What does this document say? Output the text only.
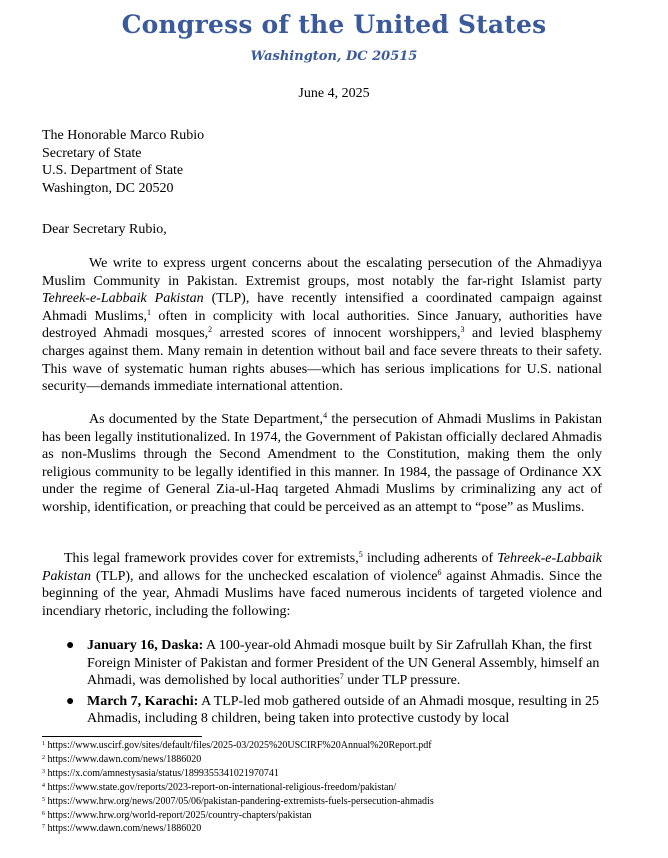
Congress of the United States
Washington, DC 20515
June 4, 2025
The Honorable Marco Rubio
Secretary of State
U.S. Department of State
Washington, DC 20520
Dear Secretary Rubio,

We write to express urgent concerns about the escalating persecution of the Ahmadiyya Muslim Community in Pakistan. Extremist groups, most notably the far-right Islamist party Tehreek-e-Labbaik Pakistan (TLP), have recently intensified a coordinated campaign against Ahmadi Muslims,$^1$ often in complicity with local authorities. Since January, authorities have destroyed Ahmadi mosques,$^2$ arrested scores of innocent worshippers,$^3$ and levied blasphemy charges against them. Many remain in detention without bail and face severe threats to their safety. This wave of systematic human rights abuses—which has serious implications for U.S. national security—demands immediate international attention.

As documented by the State Department,$^4$ the persecution of Ahmadi Muslims in Pakistan has been legally institutionalized. In 1974, the Government of Pakistan officially declared Ahmadis as non-Muslims through the Second Amendment to the Constitution, making them the only religious community to be legally identified in this manner. In 1984, the passage of Ordinance XX under the regime of General Zia-ul-Haq targeted Ahmadi Muslims by criminalizing any act of worship, identification, or preaching that could be perceived as an attempt to “pose” as Muslims.

This legal framework provides cover for extremists,$^5$ including adherents of Tehreek-e-Labbaik Pakistan (TLP), and allows for the unchecked escalation of violence$^6$ against Ahmadis. Since the beginning of the year, Ahmadi Muslims have faced numerous incidents of targeted violence and incendiary rhetoric, including the following:

● January 16, Daska: A 100-year-old Ahmadi mosque built by Sir Zafrullah Khan, the first Foreign Minister of Pakistan and former President of the UN General Assembly, himself an Ahmadi, was demolished by local authorities$^7$ under TLP pressure.
● March 7, Karachi: A TLP-led mob gathered outside of an Ahmadi mosque, resulting in 25 Ahmadis, including 8 children, being taken into protective custody by local
$^1$ https://www.uscirf.gov/sites/default/files/2025-03/2025%20USCIRF%20Annual%20Report.pdf
$^2$ https://www.dawn.com/news/1886020
$^3$ https://x.com/amnestysasia/status/1899355341021970741
$^4$ https://www.state.gov/reports/2023-report-on-international-religious-freedom/pakistan/
$^5$ https://www.hrw.org/news/2007/05/06/pakistan-pandering-extremists-fuels-persecution-ahmadis
$^6$ https://www.hrw.org/world-report/2025/country-chapters/pakistan
$^7$ https://www.dawn.com/news/1886020
